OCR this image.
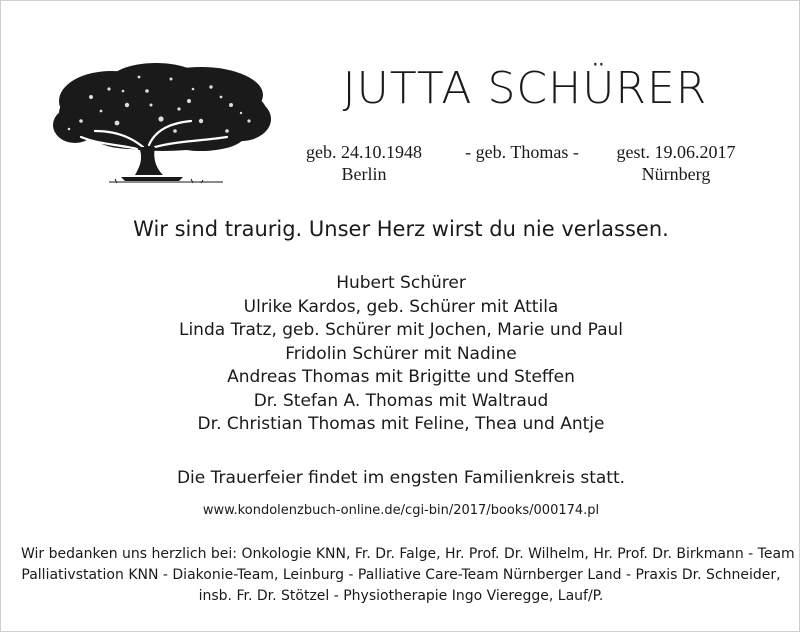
JUTTA SCHÜRER
geb. 24.10.1948
Berlin
- geb. Thomas -	gest. 19.06.2017
Nürnberg

Wir sind traurig. Unser Herz wirst du nie verlassen.

Hubert Schürer
Ulrike Kardos, geb. Schürer mit Attila
Linda Tratz, geb. Schürer mit Jochen, Marie und Paul
Fridolin Schürer mit Nadine
Andreas Thomas mit Brigitte und Steffen
Dr. Stefan A. Thomas mit Waltraud
Dr. Christian Thomas mit Feline, Thea und Antje

Die Trauerfeier findet im engsten Familienkreis statt.

www.kondolenzbuch-online.de/cgi-bin/2017/books/000174.pl

Wir bedanken uns herzlich bei: Onkologie KNN, Fr. Dr. Falge, Hr. Prof. Dr. Wilhelm, Hr. Prof. Dr. Birkmann - Team
Palliativstation KNN - Diakonie-Team, Leinburg - Palliative Care-Team Nürnberger Land - Praxis Dr. Schneider,
insb. Fr. Dr. Stötzel - Physiotherapie Ingo Vieregge, Lauf/P.
